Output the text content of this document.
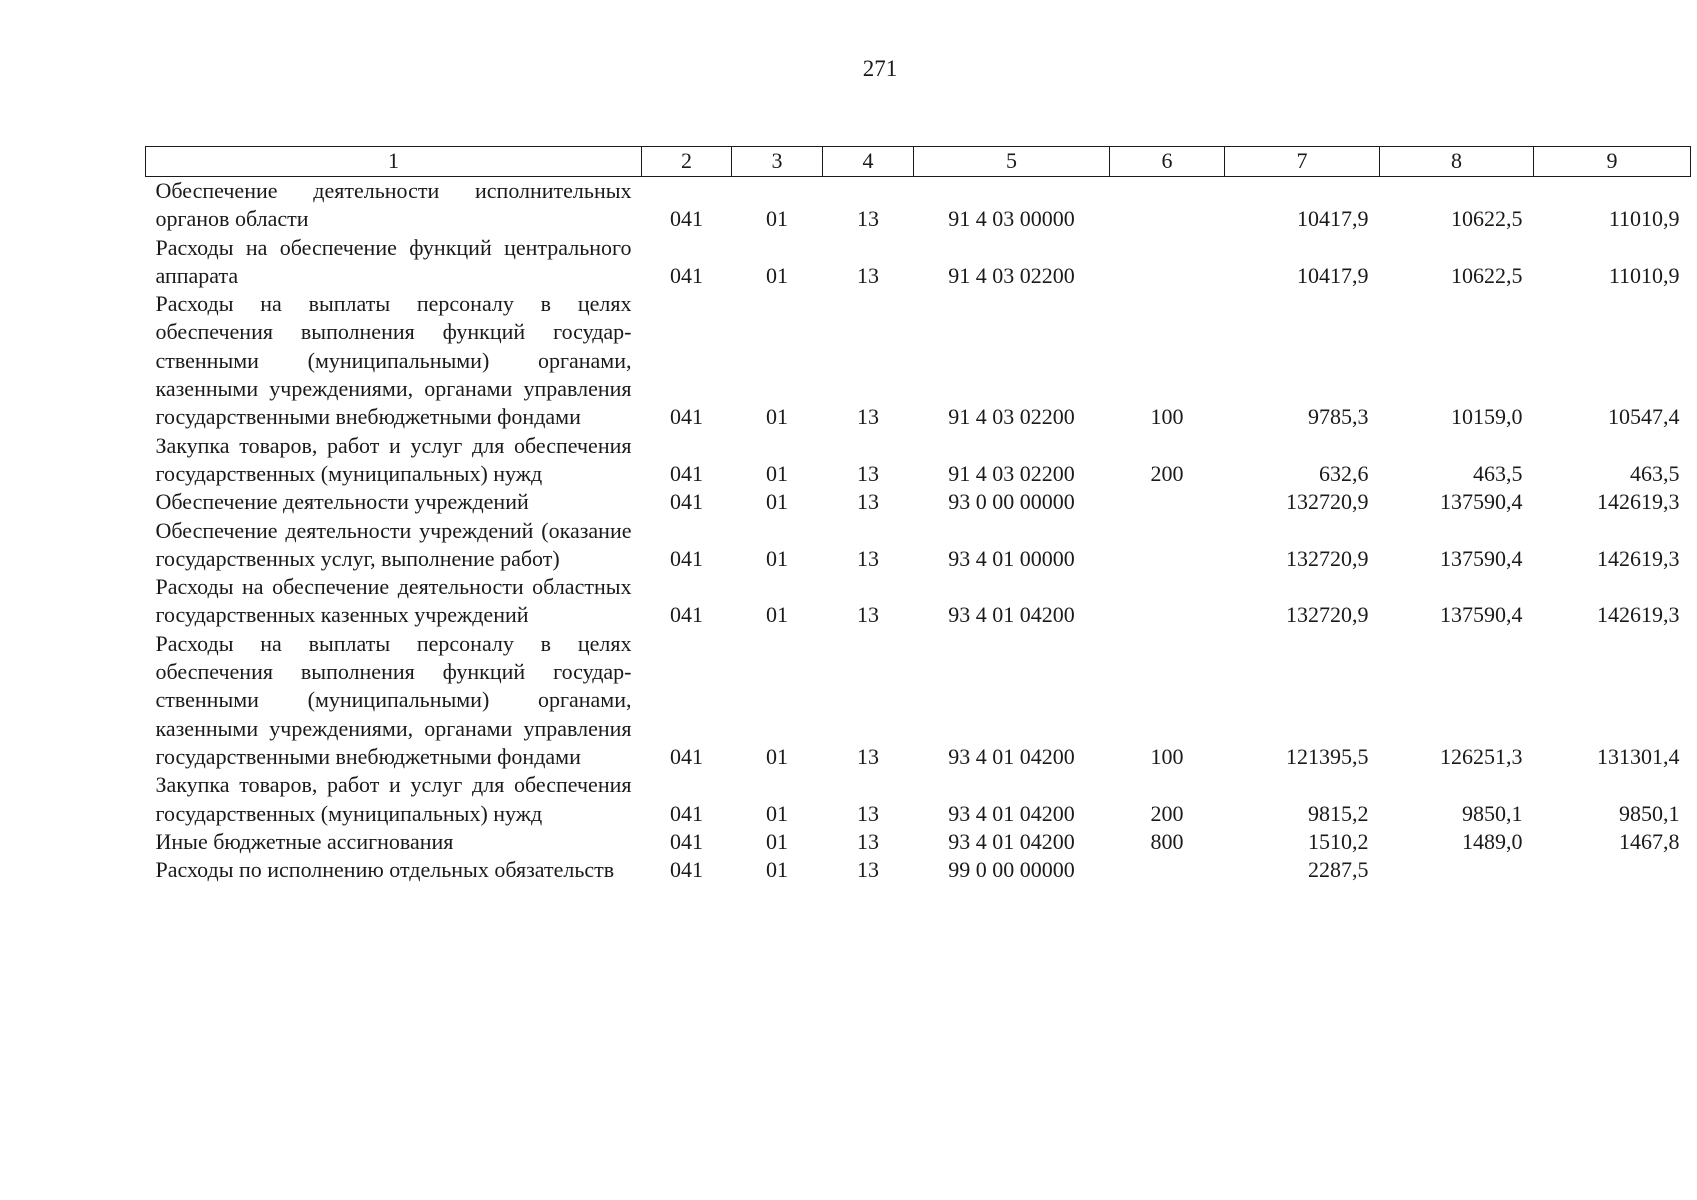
271
1	2	3	4	5	6	7	8	9
Обеспечение деятельности исполнительных органов области	041	01	13	91 4 03 00000		10417,9	10622,5	11010,9
Расходы на обеспечение функций центрального аппарата	041	01	13	91 4 03 02200		10417,9	10622,5	11010,9
Расходы на выплаты персоналу в целях обеспечения выполнения функций государственными (муниципальными) органами, казенными учреждениями, органами управления государственными внебюджетными фондами	041	01	13	91 4 03 02200	100	9785,3	10159,0	10547,4
Закупка товаров, работ и услуг для обеспечения государственных (муниципальных) нужд	041	01	13	91 4 03 02200	200	632,6	463,5	463,5
Обеспечение деятельности учреждений	041	01	13	93 0 00 00000		132720,9	137590,4	142619,3
Обеспечение деятельности учреждений (оказание государственных услуг, выполнение работ)	041	01	13	93 4 01 00000		132720,9	137590,4	142619,3
Расходы на обеспечение деятельности областных государственных казенных учреждений	041	01	13	93 4 01 04200		132720,9	137590,4	142619,3
Расходы на выплаты персоналу в целях обеспечения выполнения функций государственными (муниципальными) органами, казенными учреждениями, органами управления государственными внебюджетными фондами	041	01	13	93 4 01 04200	100	121395,5	126251,3	131301,4
Закупка товаров, работ и услуг для обеспечения государственных (муниципальных) нужд	041	01	13	93 4 01 04200	200	9815,2	9850,1	9850,1
Иные бюджетные ассигнования	041	01	13	93 4 01 04200	800	1510,2	1489,0	1467,8
Расходы по исполнению отдельных обязательств	041	01	13	99 0 00 00000		2287,5		
